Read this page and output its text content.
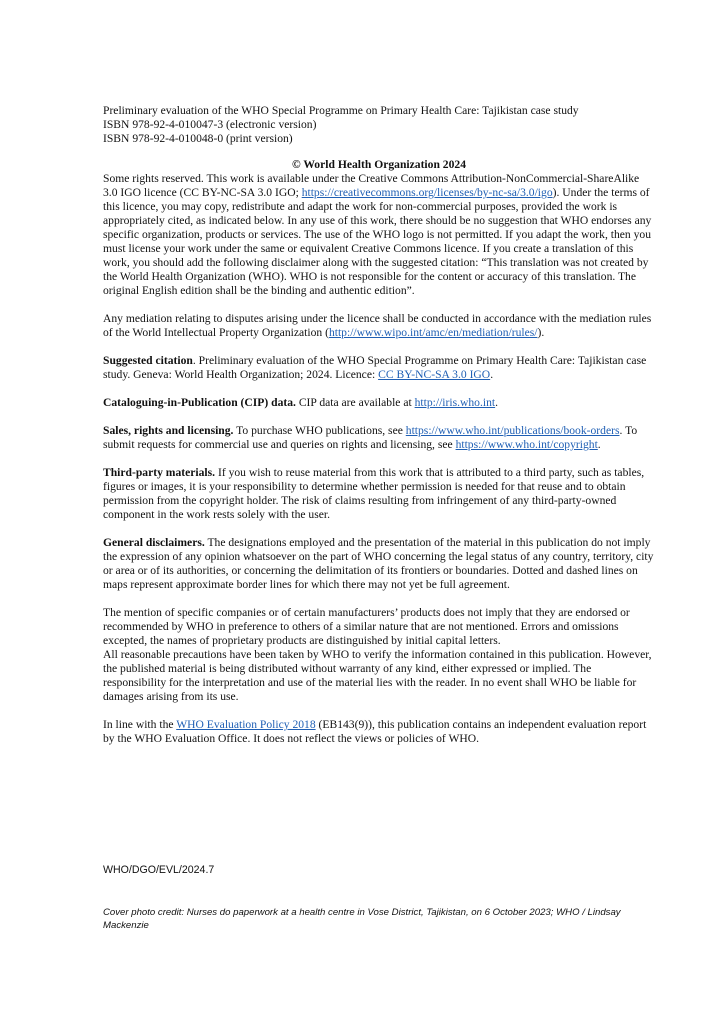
Preliminary evaluation of the WHO Special Programme on Primary Health Care: Tajikistan case study

ISBN 978-92-4-010047-3 (electronic version)

ISBN 978-92-4-010048-0 (print version)

© World Health Organization 2024

Some rights reserved. This work is available under the Creative Commons Attribution-NonCommercial-ShareAlike 3.0 IGO licence (CC BY-NC-SA 3.0 IGO; https://creativecommons.org/licenses/by-nc-sa/3.0/igo). Under the terms of this licence, you may copy, redistribute and adapt the work for non-commercial purposes, provided the work is appropriately cited, as indicated below. In any use of this work, there should be no suggestion that WHO endorses any specific organization, products or services. The use of the WHO logo is not permitted. If you adapt the work, then you must license your work under the same or equivalent Creative Commons licence. If you create a translation of this work, you should add the following disclaimer along with the suggested citation: “This translation was not created by the World Health Organization (WHO). WHO is not responsible for the content or accuracy of this translation. The original English edition shall be the binding and authentic edition”.

Any mediation relating to disputes arising under the licence shall be conducted in accordance with the mediation rules of the World Intellectual Property Organization (http://www.wipo.int/amc/en/mediation/rules/).

Suggested citation. Preliminary evaluation of the WHO Special Programme on Primary Health Care: Tajikistan case study. Geneva: World Health Organization; 2024. Licence: CC BY-NC-SA 3.0 IGO.

Cataloguing-in-Publication (CIP) data. CIP data are available at http://iris.who.int.

Sales, rights and licensing. To purchase WHO publications, see https://www.who.int/publications/book-orders. To submit requests for commercial use and queries on rights and licensing, see https://www.who.int/copyright.

Third-party materials. If you wish to reuse material from this work that is attributed to a third party, such as tables, figures or images, it is your responsibility to determine whether permission is needed for that reuse and to obtain permission from the copyright holder. The risk of claims resulting from infringement of any third-party-owned component in the work rests solely with the user.

General disclaimers. The designations employed and the presentation of the material in this publication do not imply the expression of any opinion whatsoever on the part of WHO concerning the legal status of any country, territory, city or area or of its authorities, or concerning the delimitation of its frontiers or boundaries. Dotted and dashed lines on maps represent approximate border lines for which there may not yet be full agreement.

The mention of specific companies or of certain manufacturers’ products does not imply that they are endorsed or recommended by WHO in preference to others of a similar nature that are not mentioned. Errors and omissions excepted, the names of proprietary products are distinguished by initial capital letters.

All reasonable precautions have been taken by WHO to verify the information contained in this publication. However, the published material is being distributed without warranty of any kind, either expressed or implied. The responsibility for the interpretation and use of the material lies with the reader. In no event shall WHO be liable for damages arising from its use.

In line with the WHO Evaluation Policy 2018 (EB143(9)), this publication contains an independent evaluation report by the WHO Evaluation Office. It does not reflect the views or policies of WHO.

WHO/DGO/EVL/2024.7
Cover photo credit: Nurses do paperwork at a health centre in Vose District, Tajikistan, on 6 October 2023; WHO / Lindsay Mackenzie
